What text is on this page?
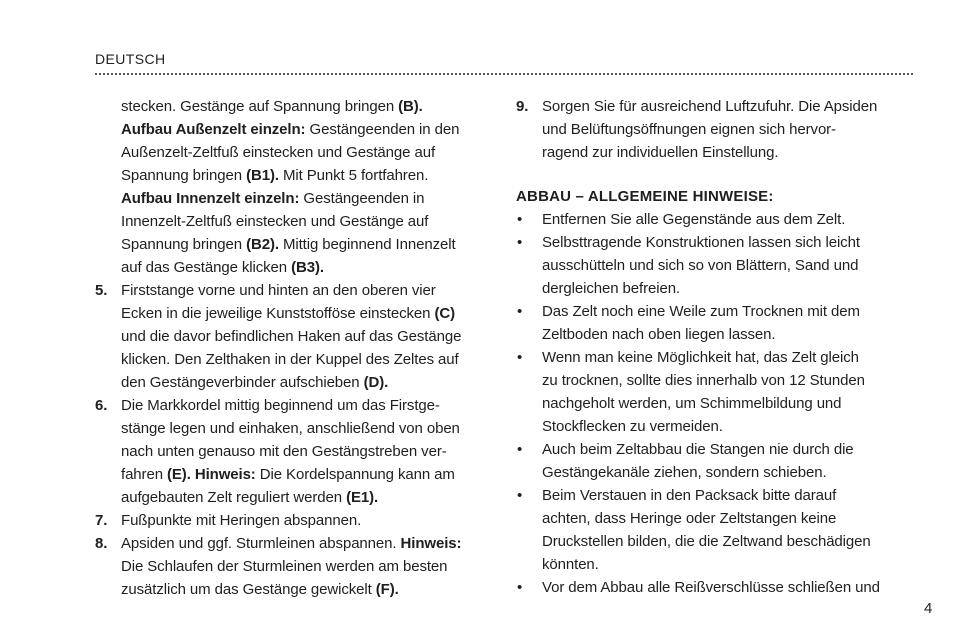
DEUTSCH
stecken. Gestänge auf Spannung bringen (B).
Aufbau Außenzelt einzeln: Gestängeenden in den
Außenzelt-Zeltfuß einstecken und Gestänge auf
Spannung bringen (B1). Mit Punkt 5 fortfahren.
Aufbau Innenzelt einzeln: Gestängeenden in
Innenzelt-Zeltfuß einstecken und Gestänge auf
Spannung bringen (B2). Mittig beginnend Innenzelt
auf das Gestänge klicken (B3).
5. Firststange vorne und hinten an den oberen vier
Ecken in die jeweilige Kunststofföse einstecken (C)
und die davor befindlichen Haken auf das Gestänge
klicken. Den Zelthaken in der Kuppel des Zeltes auf
den Gestängeverbinder aufschieben (D).
6. Die Markkordel mittig beginnend um das Firstge-
stänge legen und einhaken, anschließend von oben
nach unten genauso mit den Gestängstreben ver-
fahren (E). Hinweis: Die Kordelspannung kann am
aufgebauten Zelt reguliert werden (E1).
7. Fußpunkte mit Heringen abspannen.
8. Apsiden und ggf. Sturmleinen abspannen. Hinweis:
Die Schlaufen der Sturmleinen werden am besten
zusätzlich um das Gestänge gewickelt (F).
9. Sorgen Sie für ausreichend Luftzufuhr. Die Apsiden
und Belüftungsöffnungen eignen sich hervor-
ragend zur individuellen Einstellung.
ABBAU – ALLGEMEINE HINWEISE:
•	Entfernen Sie alle Gegenstände aus dem Zelt.
•	Selbsttragende Konstruktionen lassen sich leicht
ausschütteln und sich so von Blättern, Sand und
dergleichen befreien.
•	Das Zelt noch eine Weile zum Trocknen mit dem
Zeltboden nach oben liegen lassen.
•	Wenn man keine Möglichkeit hat, das Zelt gleich
zu trocknen, sollte dies innerhalb von 12 Stunden
nachgeholt werden, um Schimmelbildung und
Stockflecken zu vermeiden.
•	Auch beim Zeltabbau die Stangen nie durch die
Gestängekanäle ziehen, sondern schieben.
•	Beim Verstauen in den Packsack bitte darauf
achten, dass Heringe oder Zeltstangen keine
Druckstellen bilden, die die Zeltwand beschädigen
könnten.
•	Vor dem Abbau alle Reißverschlüsse schließen und
4
